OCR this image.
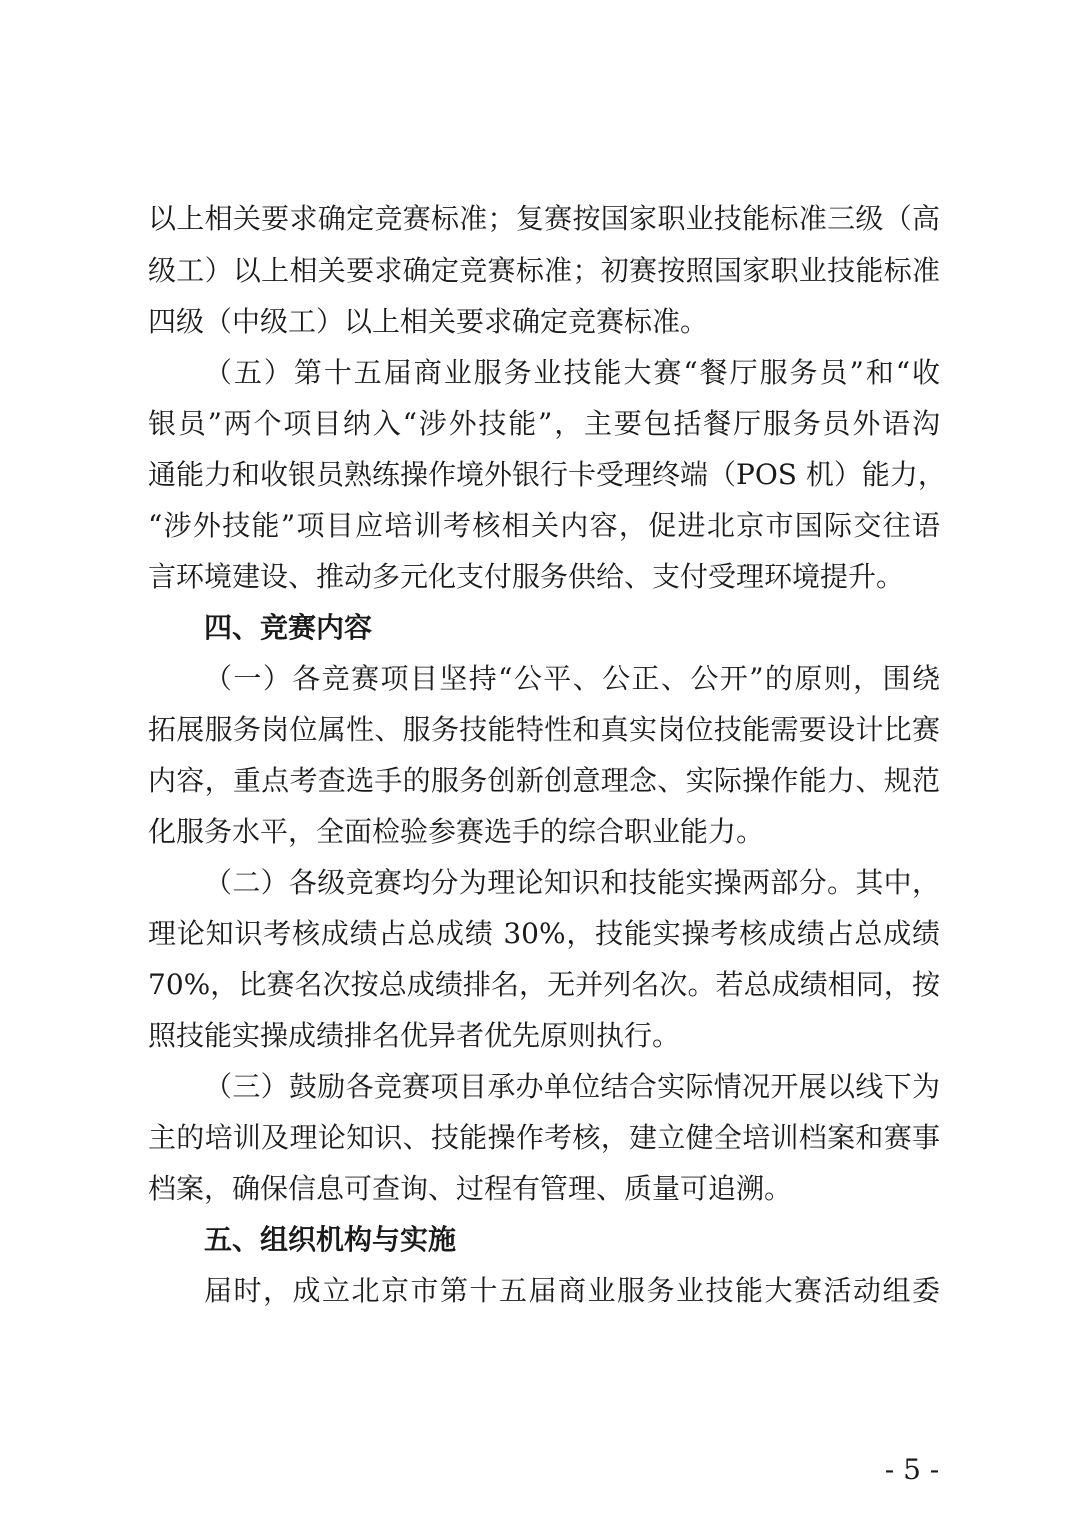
以上相关要求确定竞赛标准；复赛按国家职业技能标准三级（高
级工）以上相关要求确定竞赛标准；初赛按照国家职业技能标准
四级（中级工）以上相关要求确定竞赛标准。
（五）第十五届商业服务业技能大赛“餐厅服务员”和“收
银员”两个项目纳入“涉外技能”，主要包括餐厅服务员外语沟
通能力和收银员熟练操作境外银行卡受理终端（POS 机）能力，
“涉外技能”项目应培训考核相关内容，促进北京市国际交往语
言环境建设、推动多元化支付服务供给、支付受理环境提升。
四、竞赛内容
（一）各竞赛项目坚持“公平、公正、公开”的原则，围绕
拓展服务岗位属性、服务技能特性和真实岗位技能需要设计比赛
内容，重点考查选手的服务创新创意理念、实际操作能力、规范
化服务水平，全面检验参赛选手的综合职业能力。
（二）各级竞赛均分为理论知识和技能实操两部分。其中，
理论知识考核成绩占总成绩 30%，技能实操考核成绩占总成绩
70%，比赛名次按总成绩排名，无并列名次。若总成绩相同，按
照技能实操成绩排名优异者优先原则执行。
（三）鼓励各竞赛项目承办单位结合实际情况开展以线下为
主的培训及理论知识、技能操作考核，建立健全培训档案和赛事
档案，确保信息可查询、过程有管理、质量可追溯。
五、组织机构与实施
届时，成立北京市第十五届商业服务业技能大赛活动组委
- 5 -
